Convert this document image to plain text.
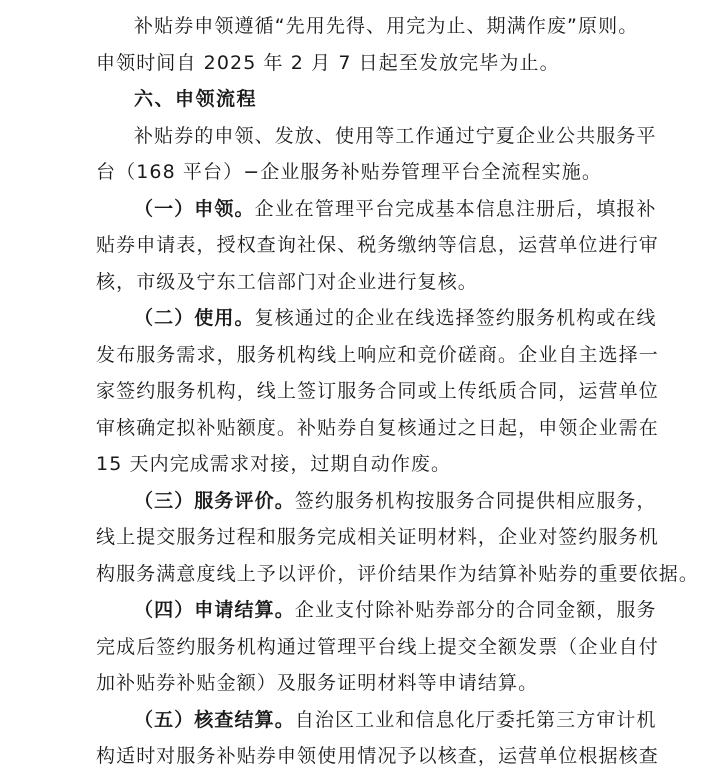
补贴券申领遵循“先用先得、用完为止、期满作废”原则。
申领时间自 2025 年 2 月 7 日起至发放完毕为止。
六、申领流程
补贴券的申领、发放、使用等工作通过宁夏企业公共服务平
台（168 平台）−企业服务补贴券管理平台全流程实施。
（一）申领。企业在管理平台完成基本信息注册后，填报补
贴券申请表，授权查询社保、税务缴纳等信息，运营单位进行审
核，市级及宁东工信部门对企业进行复核。
（二）使用。复核通过的企业在线选择签约服务机构或在线
发布服务需求，服务机构线上响应和竞价磋商。企业自主选择一
家签约服务机构，线上签订服务合同或上传纸质合同，运营单位
审核确定拟补贴额度。补贴券自复核通过之日起，申领企业需在
15 天内完成需求对接，过期自动作废。
（三）服务评价。签约服务机构按服务合同提供相应服务，
线上提交服务过程和服务完成相关证明材料，企业对签约服务机
构服务满意度线上予以评价，评价结果作为结算补贴券的重要依据。
（四）申请结算。企业支付除补贴券部分的合同金额，服务
完成后签约服务机构通过管理平台线上提交全额发票（企业自付
加补贴券补贴金额）及服务证明材料等申请结算。
（五）核查结算。自治区工业和信息化厅委托第三方审计机
构适时对服务补贴券申领使用情况予以核查，运营单位根据核查
